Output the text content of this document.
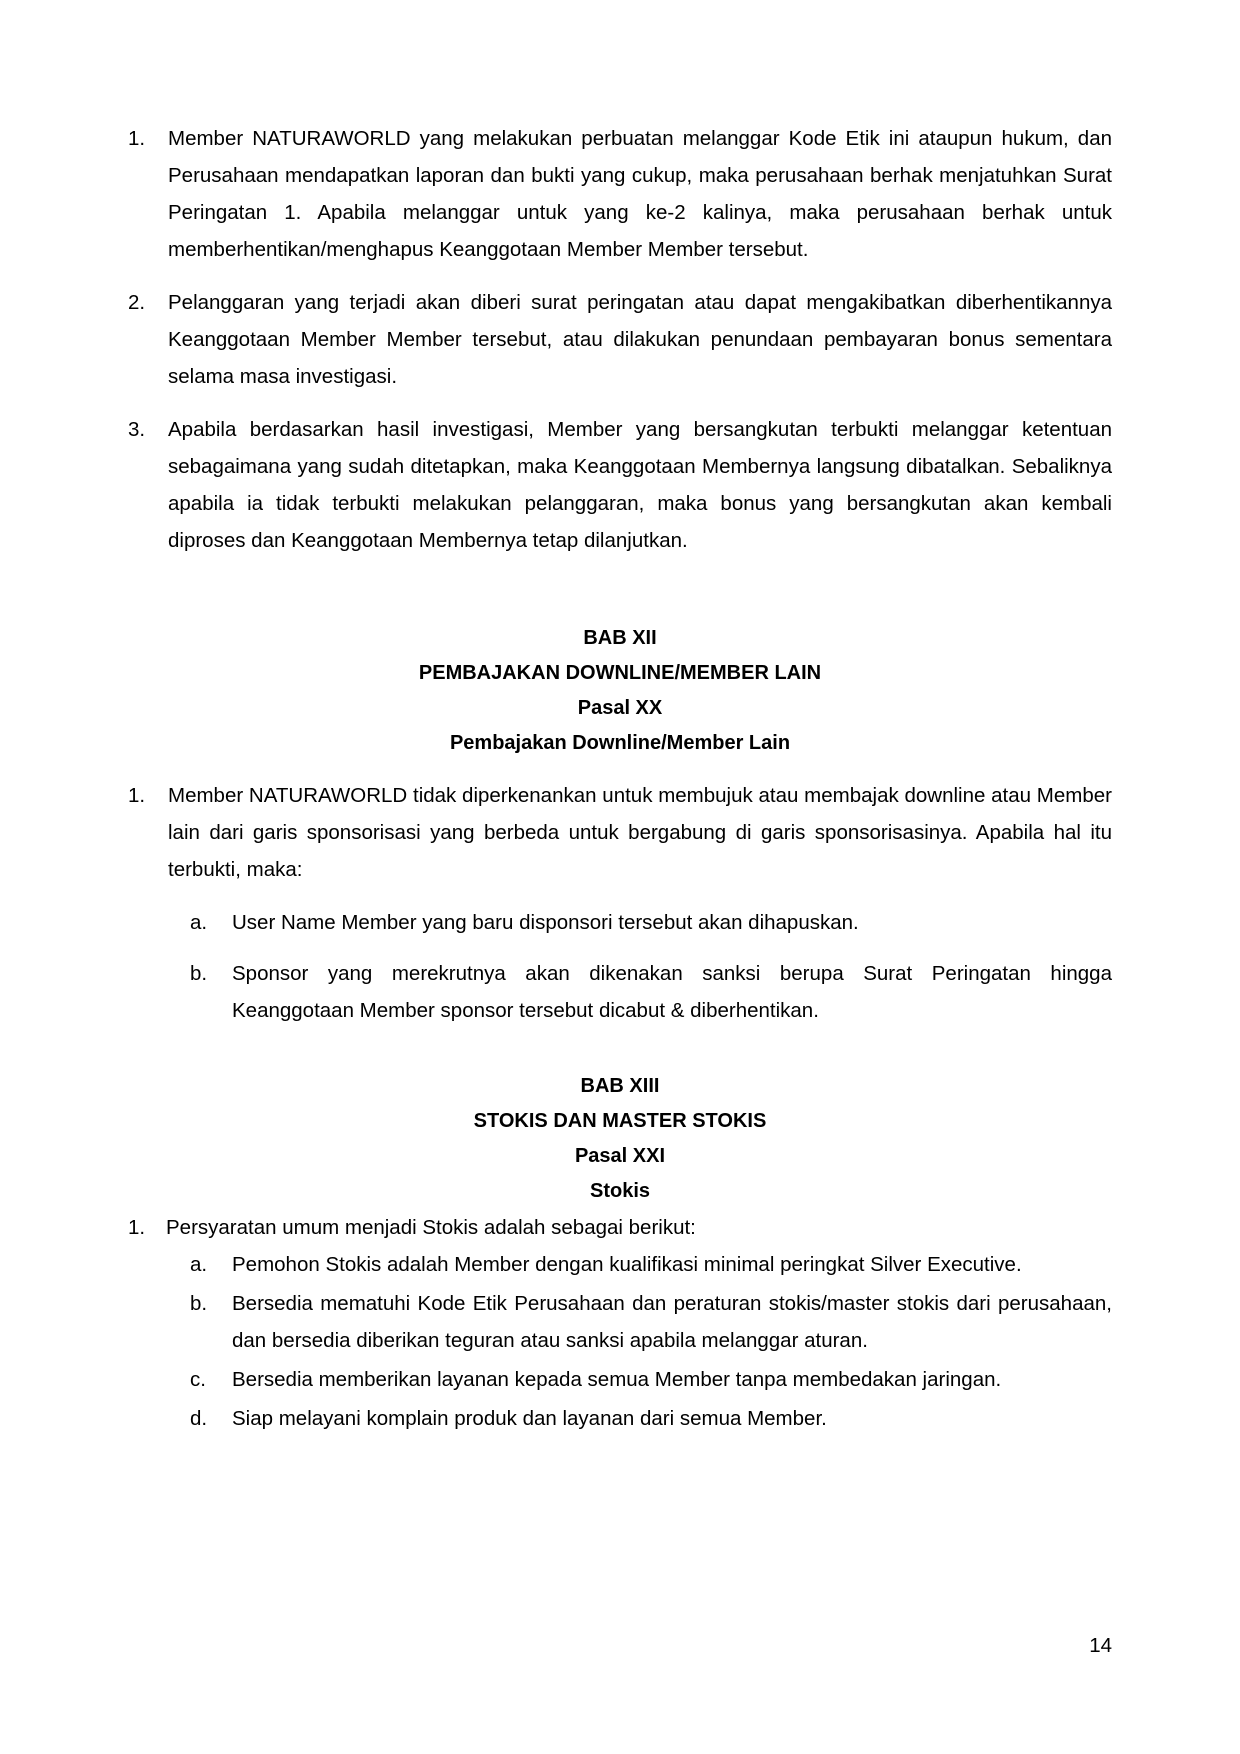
1.	Member NATURAWORLD yang melakukan perbuatan melanggar Kode Etik ini ataupun hukum, dan Perusahaan mendapatkan laporan dan bukti yang cukup, maka perusahaan berhak menjatuhkan Surat Peringatan 1. Apabila melanggar untuk yang ke-2 kalinya, maka perusahaan berhak untuk memberhentikan/menghapus Keanggotaan Member Member tersebut.
2.	Pelanggaran yang terjadi akan diberi surat peringatan atau dapat mengakibatkan diberhentikannya Keanggotaan Member Member tersebut, atau dilakukan penundaan pembayaran bonus sementara selama masa investigasi.
3.	Apabila berdasarkan hasil investigasi, Member yang bersangkutan terbukti melanggar ketentuan sebagaimana yang sudah ditetapkan, maka Keanggotaan Membernya langsung dibatalkan. Sebaliknya apabila ia tidak terbukti melakukan pelanggaran, maka bonus yang bersangkutan akan kembali diproses dan Keanggotaan Membernya tetap dilanjutkan.
BAB XII
PEMBAJAKAN DOWNLINE/MEMBER LAIN
Pasal XX
Pembajakan Downline/Member Lain
1.	Member NATURAWORLD tidak diperkenankan untuk membujuk atau membajak downline atau Member lain dari garis sponsorisasi yang berbeda untuk bergabung di garis sponsorisasinya. Apabila hal itu terbukti, maka:
a.	User Name Member yang baru disponsori tersebut akan dihapuskan.
b.	Sponsor yang merekrutnya akan dikenakan sanksi berupa Surat Peringatan hingga Keanggotaan Member sponsor tersebut dicabut & diberhentikan.
BAB XIII
STOKIS DAN MASTER STOKIS
Pasal XXI
Stokis
1.	Persyaratan umum menjadi Stokis adalah sebagai berikut:
a.	Pemohon Stokis adalah Member dengan kualifikasi minimal peringkat Silver Executive.
b.	Bersedia mematuhi Kode Etik Perusahaan dan peraturan stokis/master stokis dari perusahaan, dan bersedia diberikan teguran atau sanksi apabila melanggar aturan.
c.	Bersedia memberikan layanan kepada semua Member tanpa membedakan jaringan.
d.	Siap melayani komplain produk dan layanan dari semua Member.
14
